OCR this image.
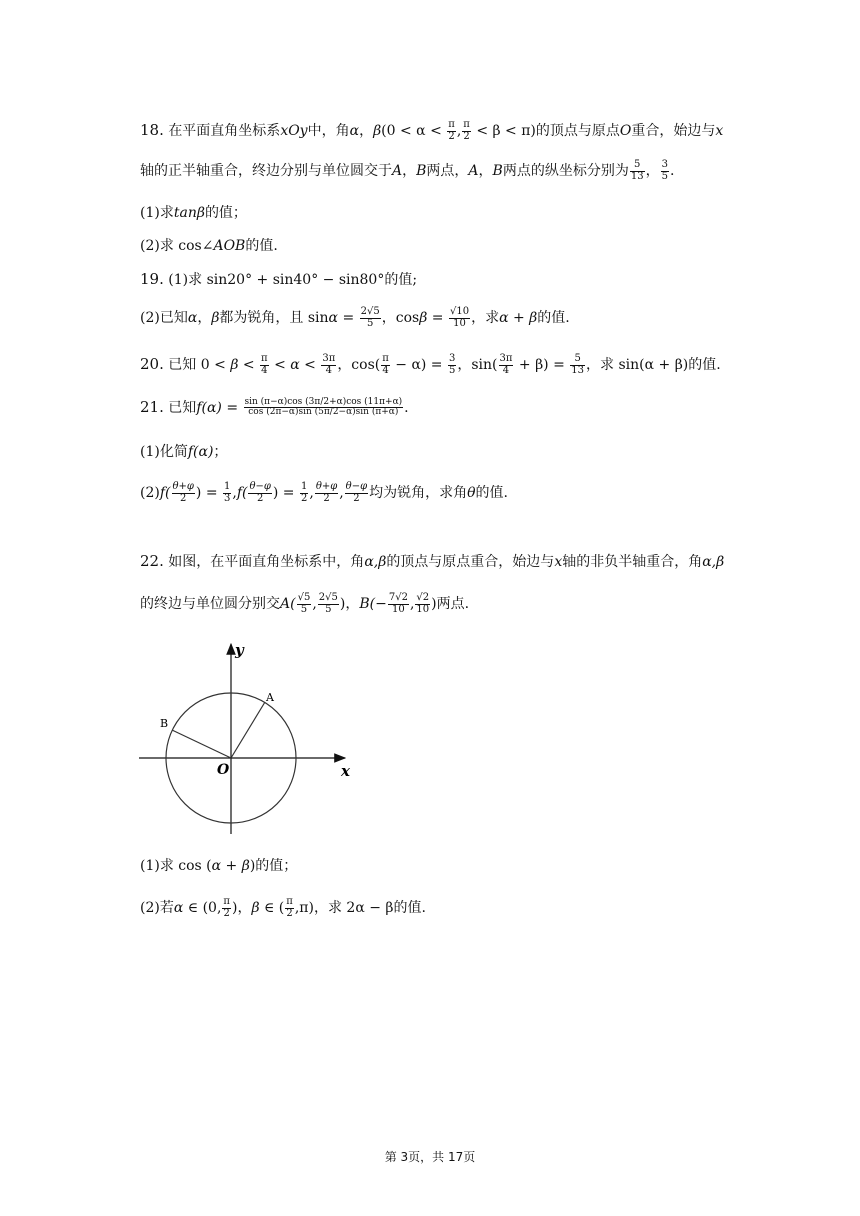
18. 在平面直角坐标系xOy中，角α，$\beta(0 < \alpha < \frac{\pi}{2}$ , $\frac{\pi}{2} < \beta < \pi$)的顶点与原点O重合，始边与x
轴的正半轴重合，终边分别与单位圆交于A，B两点，A，B两点的纵坐标分别为 $\frac{5}{13}$ ， $\frac{3}{5}$ .
(1)求tanβ的值；
(2)求 cos∠AOB的值.
19. (1)求 sin20° + sin40° − sin80°的值;
(2)已知α，β都为锐角，且 $\sin\alpha = \frac{2√5}{5}$ ，$\cos\beta = \frac{√10}{10}$ ，求α + β的值.
20. 已知 $0 < \beta < \frac{\pi}{4} < \alpha < \frac{3\pi}{4}$ ，$\cos( \frac{\pi}{4} - \alpha) = \frac{3}{5}$ ，$\sin( \frac{3\pi}{4} + \beta) = \frac{5}{13}$ ，求 sin(α + β)的值.
21. 已知$f(\alpha) = \frac{\sin (\pi-\alpha)\cos (3\pi/2+\alpha)\cos (11\pi+\alpha)}{\cos (2\pi-\alpha)\sin (5\pi/2-\alpha)\sin (\pi+\alpha)}$ .
(1)化简f(α)；
$(2)f( \frac{\theta+\varphi}{2}$ ) = $\frac{1}{3} ,f( \frac{\theta-\varphi}{2}$ ) = $\frac{1}{2}$ , $\frac{\theta+\varphi}{2}$ , $\frac{\theta-\varphi}{2}$ 均为锐角，求角θ的值.
22. 如图，在平面直角坐标系中，角α,β的顶点与原点重合，始边与x轴的非负半轴重合，角α,β
的终边与单位圆分别交$A( \frac{√5}{5}$ , $\frac{2√5}{5}$ )，$B(- \frac{7√2}{10}$ , $\frac{√2}{10}$ )两点.
y
x
O
A
B
(1)求 cos (α + β)的值；
(2)若α ∈ (0, $\frac{\pi}{2}$ )，β ∈ ( $\frac{\pi}{2} ,\pi$)，求 2α − β的值.
第 3页，共 17页
